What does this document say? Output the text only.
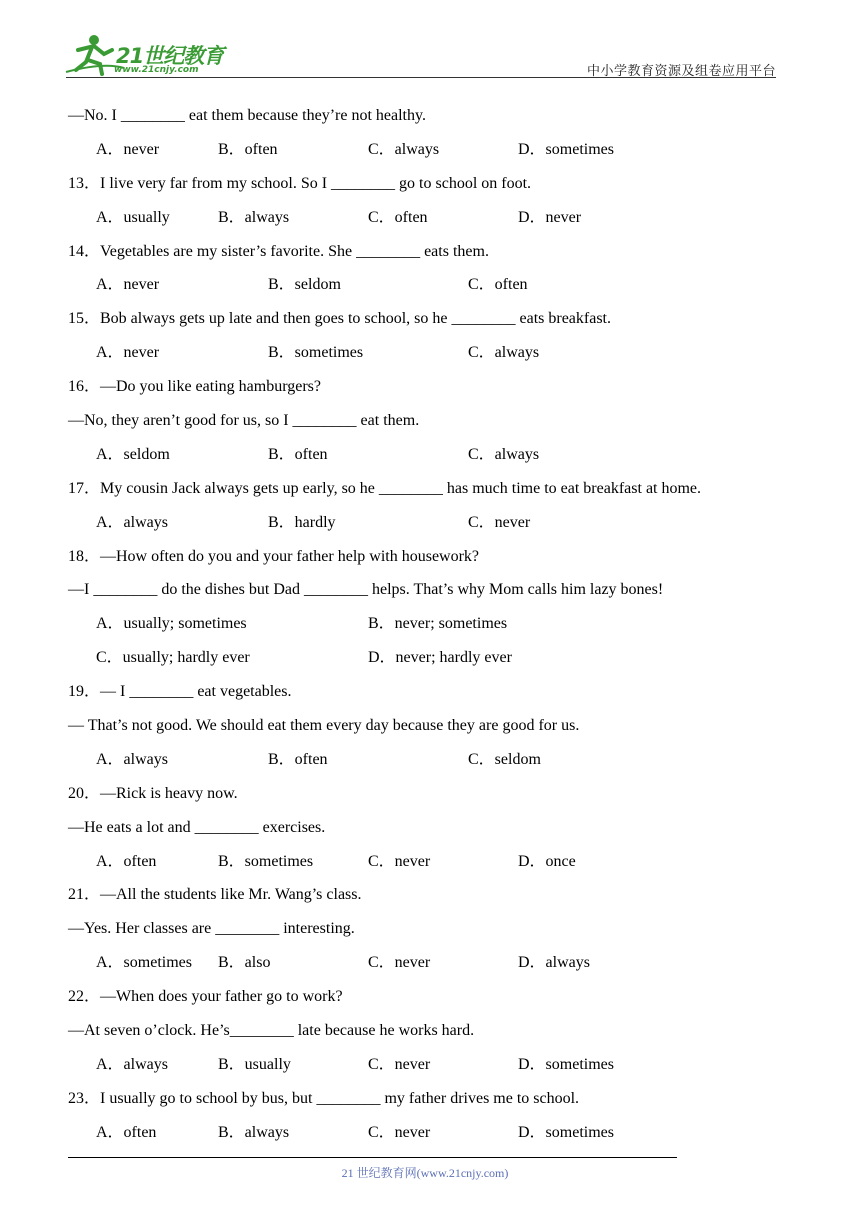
21世纪教育
www.21cnjy.com	中小学教育资源及组卷应用平台
—No. I ________ eat them because they’re not healthy.
A．never	B．often	C．always	D．sometimes
13．I live very far from my school. So I ________ go to school on foot.
A．usually	B．always	C．often	D．never
14．Vegetables are my sister’s favorite. She ________ eats them.
A．never	B．seldom	C．often
15．Bob always gets up late and then goes to school, so he ________ eats breakfast.
A．never	B．sometimes	C．always
16．—Do you like eating hamburgers?
—No, they aren’t good for us, so I ________ eat them.
A．seldom	B．often	C．always
17．My cousin Jack always gets up early, so he ________ has much time to eat breakfast at home.
A．always	B．hardly	C．never
18．—How often do you and your father help with housework?
—I ________ do the dishes but Dad ________ helps. That’s why Mom calls him lazy bones!
A．usually; sometimes	B．never; sometimes
C．usually; hardly ever	D．never; hardly ever
19．— I ________ eat vegetables.
— That’s not good. We should eat them every day because they are good for us.
A．always	B．often	C．seldom
20．—Rick is heavy now.
—He eats a lot and ________ exercises.
A．often	B．sometimes	C．never	D．once
21．—All the students like Mr. Wang’s class.
—Yes. Her classes are ________ interesting.
A．sometimes B．also	C．never	D．always
22．—When does your father go to work?
—At seven o’clock. He’s________ late because he works hard.
A．always	B．usually	C．never	D．sometimes
23．I usually go to school by bus, but ________ my father drives me to school.
A．often	B．always	C．never	D．sometimes
21 世纪教育网(www.21cnjy.com)
